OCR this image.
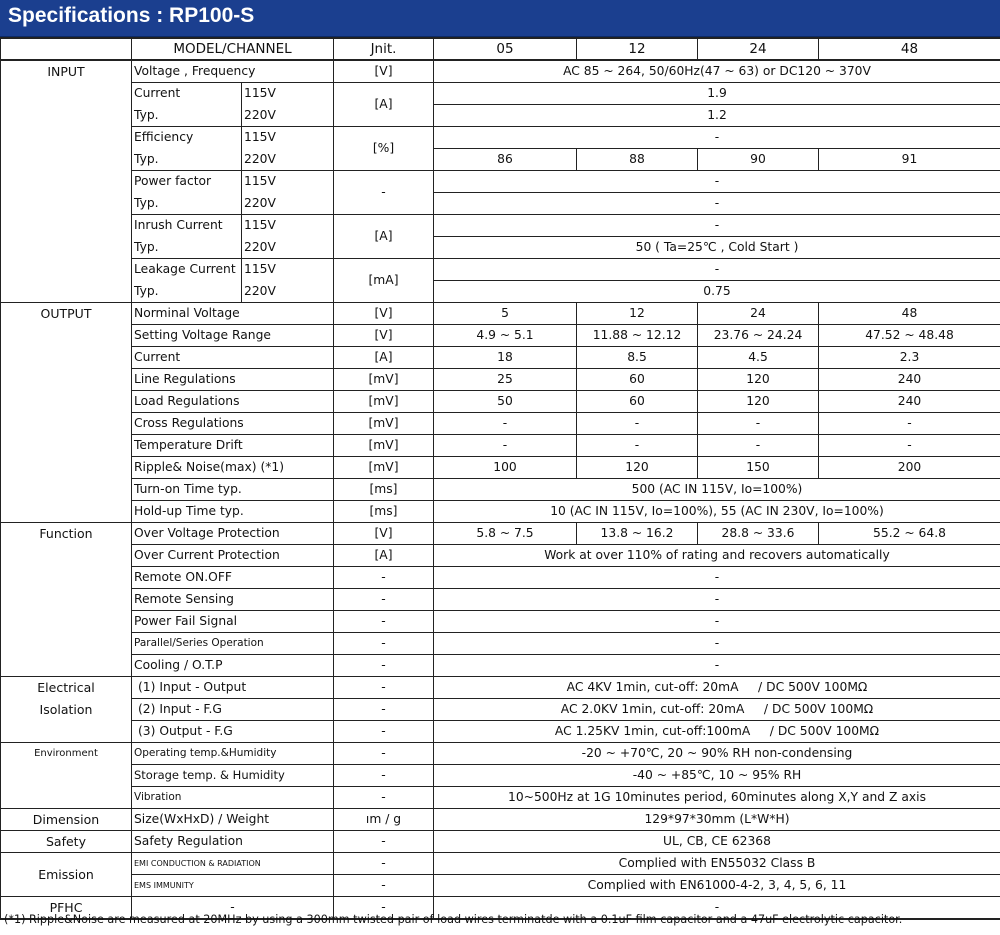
Specifications : RP100-S
	MODEL/CHANNEL		Jnit.	05	12	24	48
INPUT	Voltage , Frequency		[V]	AC 85 ~ 264, 50/60Hz(47 ~ 63) or DC120 ~ 370V			
	Current	115V	[A]	1.9			
	Typ.	220V		1.2			
	Efficiency	115V	[%]	-			
	Typ.	220V		86	88	90	91
	Power factor	115V	-	-			
	Typ.	220V		-			
	Inrush Current	115V	[A]	-			
	Typ.	220V		50 ( Ta=25℃ , Cold Start )			
	Leakage Current	115V	[mA]	-			
	Typ.	220V		0.75			
OUTPUT	Norminal Voltage		[V]	5	12	24	48
	Setting Voltage Range		[V]	4.9 ~ 5.1	11.88 ~ 12.12	23.76 ~ 24.24	47.52 ~ 48.48
	Current		[A]	18	8.5	4.5	2.3
	Line Regulations		[mV]	25	60	120	240
	Load Regulations		[mV]	50	60	120	240
	Cross Regulations		[mV]	-	-	-	-
	Temperature Drift		[mV]	-	-	-	-
	Ripple& Noise(max) (*1)		[mV]	100	120	150	200
	Turn-on Time typ.		[ms]	500 (AC IN 115V, Io=100%)			
	Hold-up Time typ.		[ms]	10 (AC IN 115V, Io=100%), 55 (AC IN 230V, Io=100%)			
Function	Over Voltage Protection		[V]	5.8 ~ 7.5	13.8 ~ 16.2	28.8 ~ 33.6	55.2 ~ 64.8
	Over Current Protection		[A]	Work at over 110% of rating and recovers automatically			
	Remote ON.OFF		-	-			
	Remote Sensing		-	-			
	Power Fail Signal		-	-			
	Parallel/Series Operation		-	-			
	Cooling / O.T.P		-	-			

Electrical
Isolation	(1) Input - Output		-	AC 4KV 1min, cut-off: 20mA / DC 500V 100MΩ			
	(2) Input - F.G		-	AC 2.0KV 1min, cut-off: 20mA / DC 500V 100MΩ			
	(3) Output - F.G		-	AC 1.25KV 1min, cut-off:100mA / DC 500V 100MΩ			
Environment	Operating temp.&Humidity		-	-20 ~ +70℃, 20 ~ 90% RH non-condensing			
	Storage temp. & Humidity		-	-40 ~ +85℃, 10 ~ 95% RH			
	Vibration		-	10~500Hz at 1G 10minutes period, 60minutes along X,Y and Z axis			
Dimension	Size(WxHxD) / Weight		ım / g	129*97*30mm (L*W*H)			
Safety	Safety Regulation		-	UL, CB, CE 62368			
Emission	EMI CONDUCTION & RADIATION		-	Complied with EN55032 Class B			
	EMS IMMUNITY		-	Complied with EN61000-4-2, 3, 4, 5, 6, 11			
PFHC	-		-	-			
(*1) Ripple&Noise are measured at 20MHz by using a 300mm twisted pair of load wires terminatde with a 0.1uF film capacitor and a 47uF electrolytic capacitor.
